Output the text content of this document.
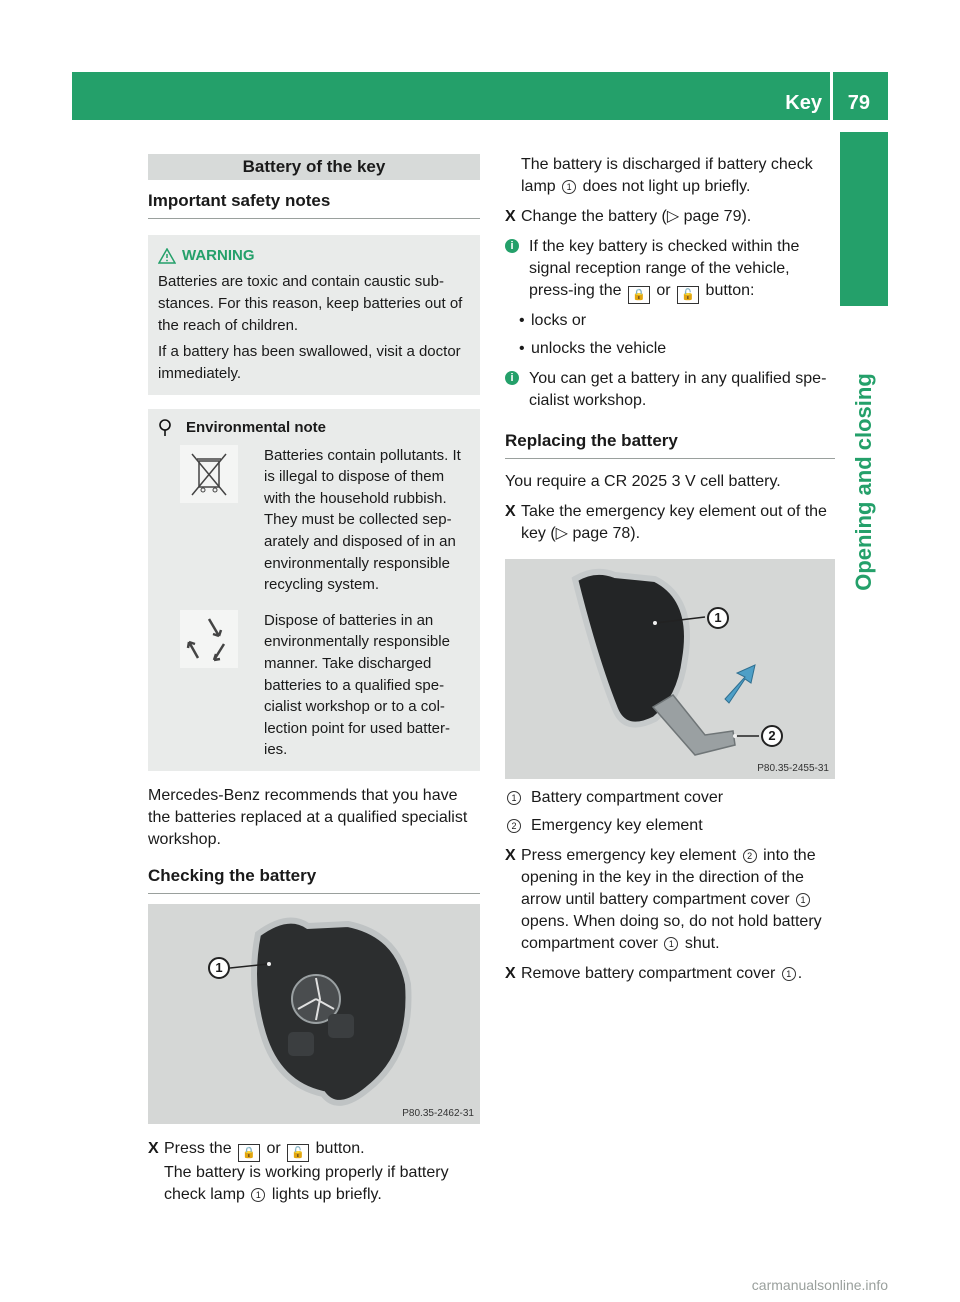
Key 79
Opening and closing
Battery of the key
Important safety notes
WARNING

Batteries are toxic and contain caustic sub-stances. For this reason, keep batteries out of the reach of children.

If a battery has been swallowed, visit a doctor immediately.

Environmental note
Batteries contain pollutants. It is illegal to dispose of them with the household rubbish. They must be collected sep-arately and disposed of in an environmentally responsible recycling system.
Dispose of batteries in an environmentally responsible manner. Take discharged batteries to a qualified spe-cialist workshop or to a col-lection point for used batter-ies.

Mercedes-Benz recommends that you have the batteries replaced at a qualified specialist workshop.

Checking the battery
1
P80.35-2462-31
X Press the 🔒 or 🔓 button.
The battery is working properly if battery check lamp 1 lights up briefly.

The battery is discharged if battery check lamp 1 does not light up briefly.

X Change the battery (▷ page 79).
i If the key battery is checked within the signal reception range of the vehicle, press-ing the 🔒 or 🔓 button:
• locks or
• unlocks the vehicle
i You can get a battery in any qualified spe-cialist workshop.
Replacing the battery

You require a CR 2025 3 V cell battery.

X Take the emergency key element out of the key (▷ page 78).
1
2
P80.35-2455-31
1 Battery compartment cover
2 Emergency key element
X Press emergency key element 2 into the opening in the key in the direction of the arrow until battery compartment cover 1 opens. When doing so, do not hold battery compartment cover 1 shut.
X Remove battery compartment cover 1 .
carmanualsonline.info
